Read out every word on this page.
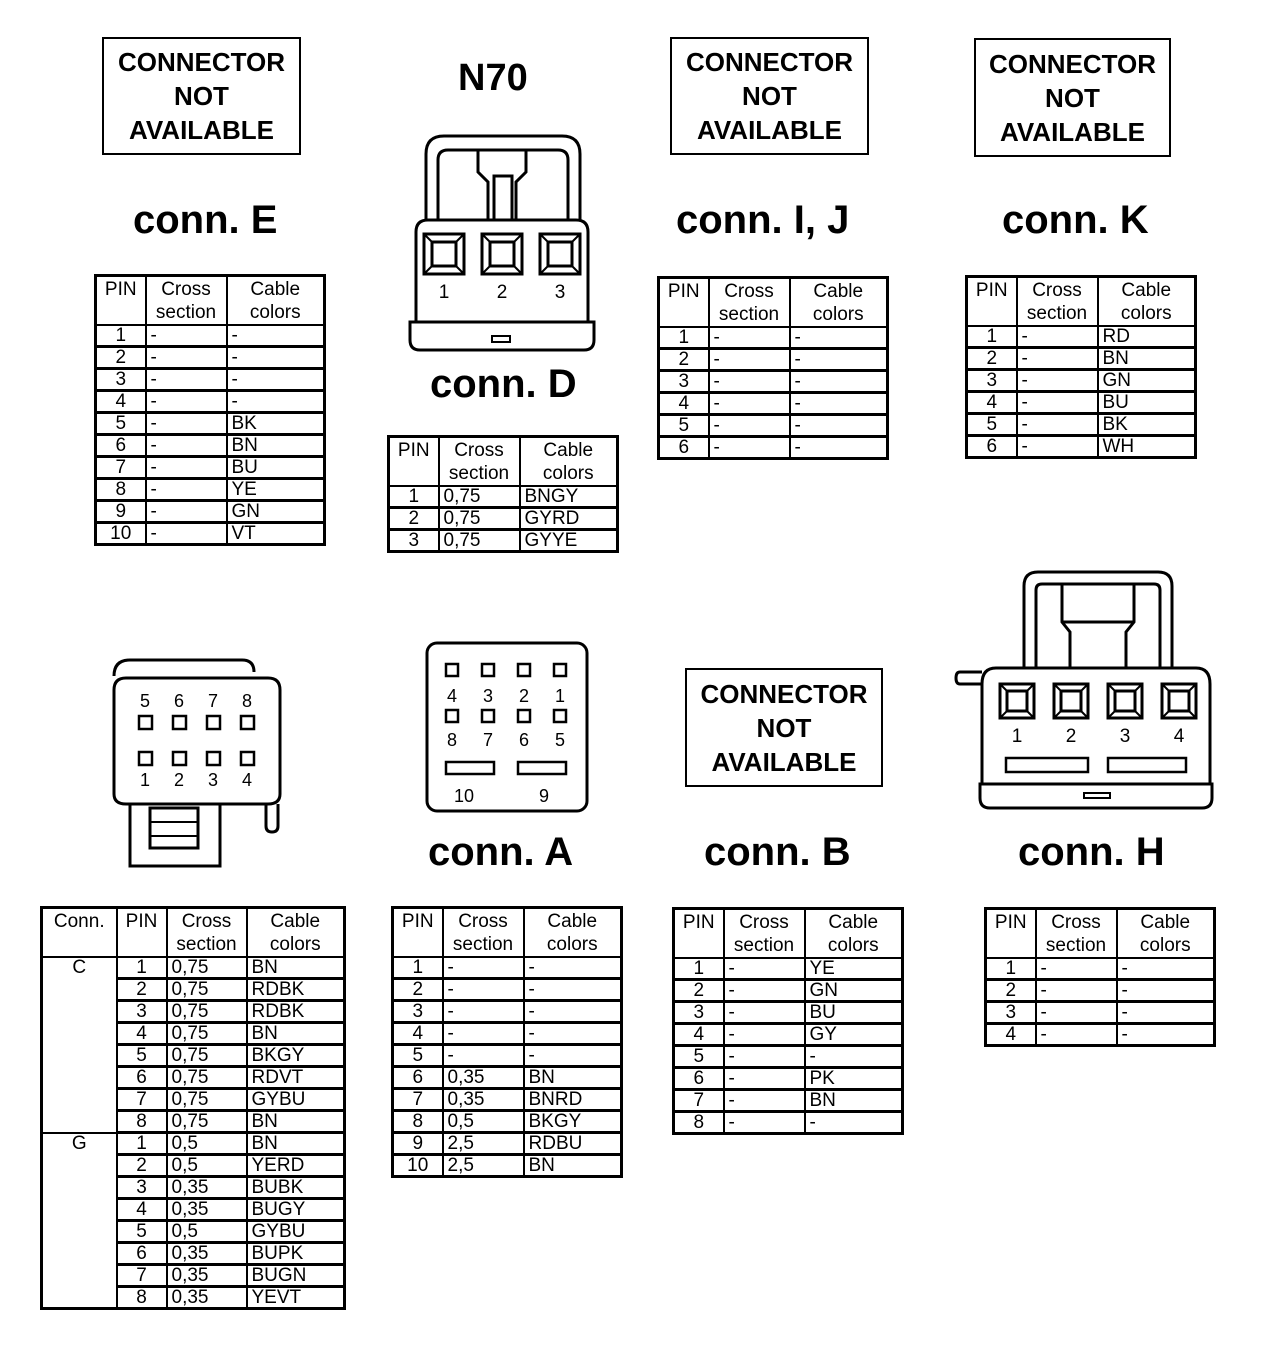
CONNECTOR
NOT
AVAILABLE
CONNECTOR
NOT
AVAILABLE
CONNECTOR
NOT
AVAILABLE
CONNECTOR
NOT
AVAILABLE
N70
conn. E
conn. D
conn. I, J	conn. K
conn. A	conn. B	conn. H
1 2 3
5 6 7 8
1 2 3 4
4 3 2 1
8 7 6 5
10	9
1 2 3 4
PIN	Cross section	Cable colors
1	-	-
2	-	-
3	-	-
4	-	-
5	-	BK
6	-	BN
7	-	BU
8	-	YE
9	-	GN
10	-	VT
PIN	Cross section	Cable colors
1	0,75	BNGY
2	0,75	GYRD
3	0,75	GYYE
PIN	Cross section	Cable colors
1	-	-
2	-	-
3	-	-
4	-	-
5	-	-
6	-	-
PIN	Cross section	Cable colors
1	-	RD
2	-	BN
3	-	GN
4	-	BU
5	-	BK
6	-	WH
Conn.	PIN	Cross section	Cable colors
C	1	0,75	BN
	2	0,75	RDBK
	3	0,75	RDBK
	4	0,75	BN
	5	0,75	BKGY
	6	0,75	RDVT
	7	0,75	GYBU
	8	0,75	BN
G	1	0,5	BN
	2	0,5	YERD
	3	0,35	BUBK
	4	0,35	BUGY
	5	0,5	GYBU
	6	0,35	BUPK
	7	0,35	BUGN
	8	0,35	YEVT
PIN	Cross section	Cable colors
1	-	-
2	-	-
3	-	-
4	-	-
5	-	-
6	0,35	BN
7	0,35	BNRD
8	0,5	BKGY
9	2,5	RDBU
10	2,5	BN
PIN	Cross section	Cable colors
1	-	YE
2	-	GN
3	-	BU
4	-	GY
5	-	-
6	-	PK
7	-	BN
8	-	-
PIN	Cross section	Cable colors
1	-	-
2	-	-
3	-	-
4	-	-
